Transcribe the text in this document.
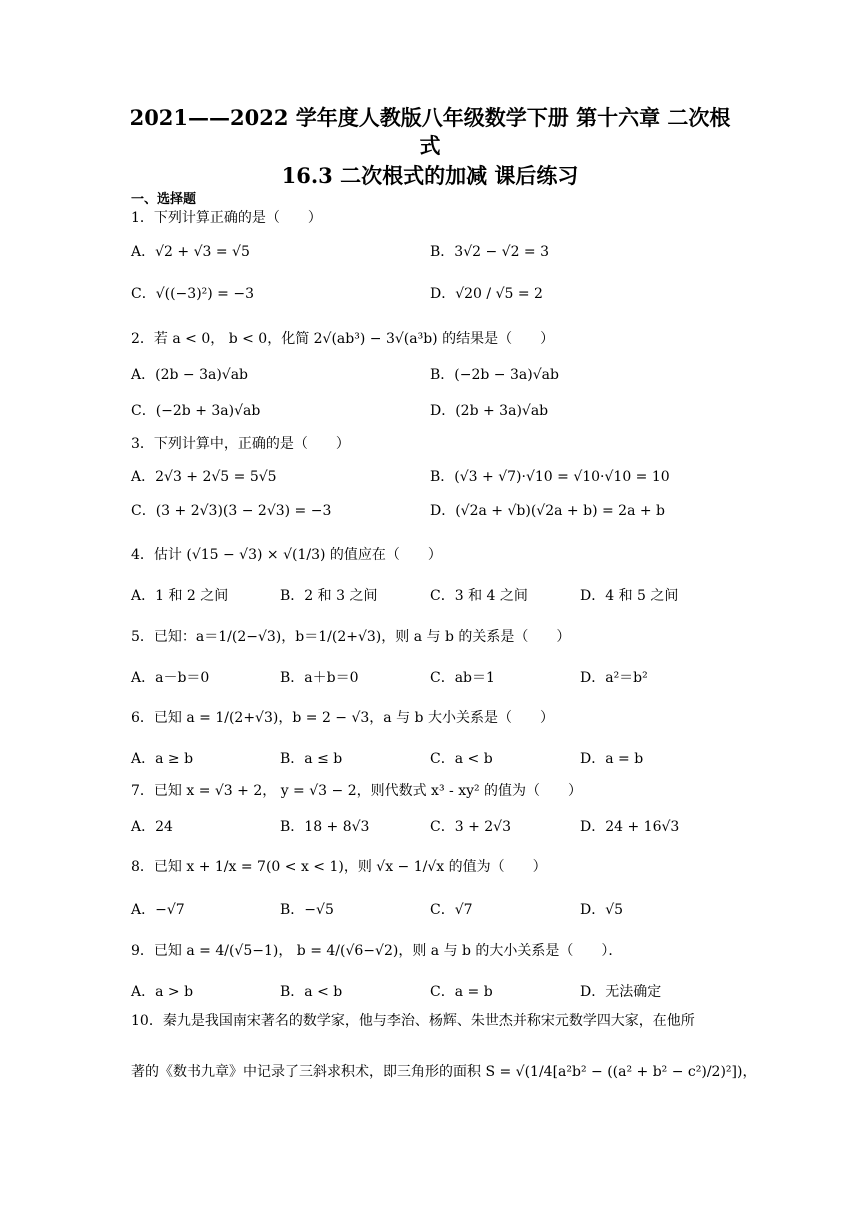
2021——2022 学年度人教版八年级数学下册 第十六章 二次根
式
16.3 二次根式的加减 课后练习
一、选择题
1．下列计算正确的是（　　）
A．√2 + √3 = √5	B．3√2 − √2 = 3
C．√((−3)²) = −3	D．√20 / √5 = 2
2．若 a < 0， b < 0，化简 2√(ab³) − 3√(a³b) 的结果是（　　）
A．(2b − 3a)√ab	B．(−2b − 3a)√ab
C．(−2b + 3a)√ab	D．(2b + 3a)√ab
3．下列计算中，正确的是（　　）
A．2√3 + 2√5 = 5√5	B．(√3 + √7)·√10 = √10·√10 = 10
C．(3 + 2√3)(3 − 2√3) = −3	D．(√2a + √b)(√2a + b) = 2a + b
4．估计 (√15 − √3) × √(1/3) 的值应在（　　）
A．1 和 2 之间	B．2 和 3 之间	C．3 和 4 之间	D．4 和 5 之间
5．已知：a＝1/(2−√3)，b＝1/(2+√3)，则 a 与 b 的关系是（　　）
A．a－b＝0	B．a＋b＝0	C．ab＝1	D．a²＝b²
6．已知 a = 1/(2+√3)，b = 2 − √3，a 与 b 大小关系是（　　）
A．a ≥ b	B．a ≤ b	C．a < b	D．a = b
7．已知 x = √3 + 2， y = √3 − 2，则代数式 x³ - xy² 的值为（　　）
A．24	B．18 + 8√3	C．3 + 2√3	D．24 + 16√3
8．已知 x + 1/x = 7(0 < x < 1)，则 √x − 1/√x 的值为（　　）
A．−√7	B．−√5	C．√7	D．√5
9．已知 a = 4/(√5−1)， b = 4/(√6−√2)，则 a 与 b 的大小关系是（　　）．
A．a > b	B．a < b	C．a = b	D．无法确定
10．秦九是我国南宋著名的数学家，他与李治、杨辉、朱世杰并称宋元数学四大家，在他所
著的《数书九章》中记录了三斜求积术，即三角形的面积 S = √(1/4[a²b² − ((a² + b² − c²)/2)²])，
